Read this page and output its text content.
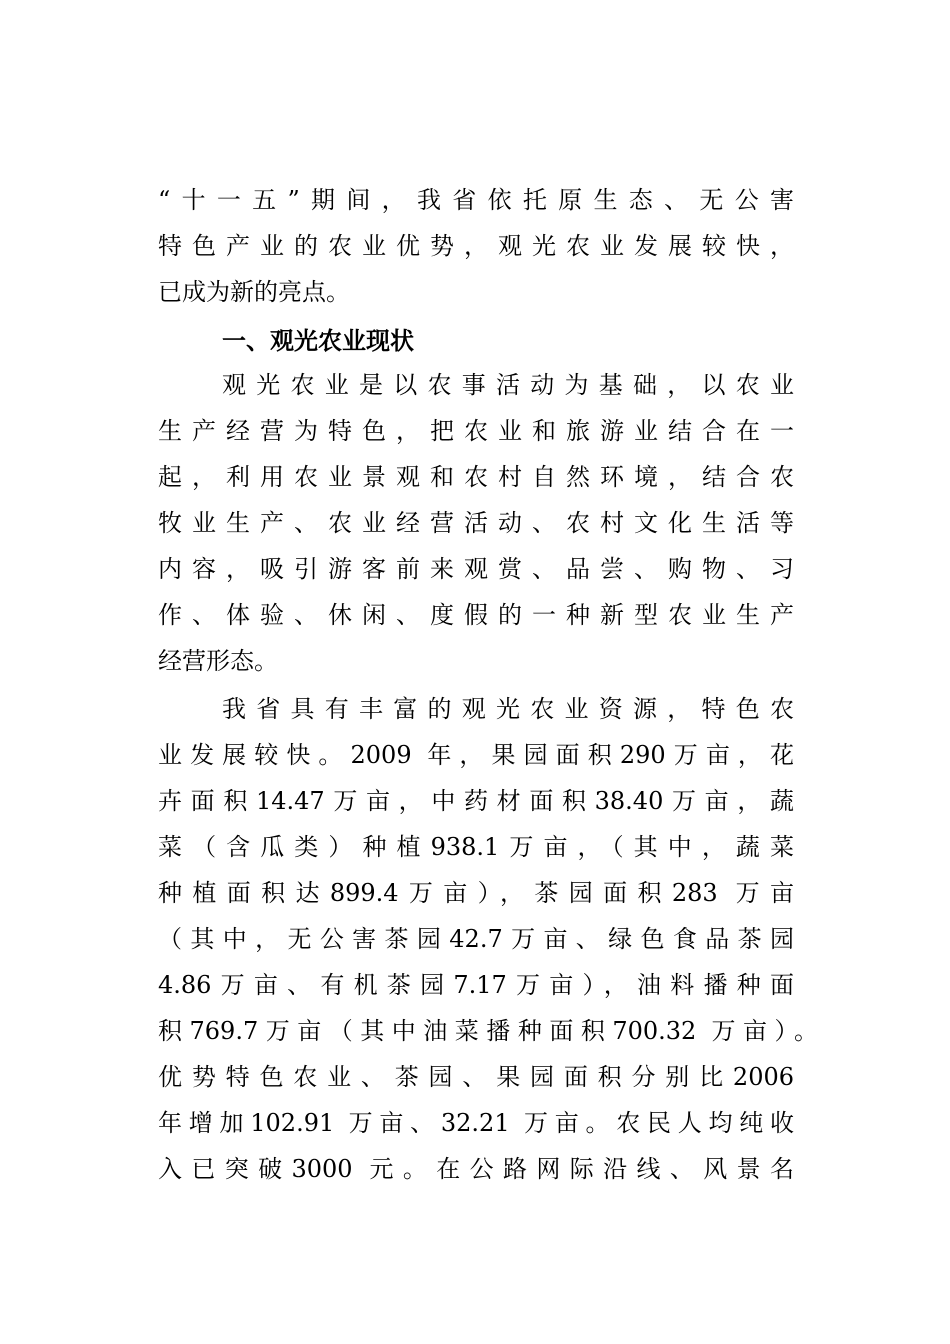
“十一五”期间，我省依托原生态、无公害
特色产业的农业优势，观光农业发展较快，
已成为新的亮点。
一、观光农业现状
观光农业是以农事活动为基础，以农业
生产经营为特色，把农业和旅游业结合在一
起，利用农业景观和农村自然环境，结合农
牧业生产、农业经营活动、农村文化生活等
内容，吸引游客前来观赏、品尝、购物、习
作、体验、休闲、度假的一种新型农业生产
经营形态。
我省具有丰富的观光农业资源，特色农
业发展较快。2009 年，果园面积290万亩，花
卉面积14.47万亩，中药材面积38.40万亩，蔬
菜（含瓜类）种植938.1万亩，（其中，蔬菜
种植面积达899.4万亩），茶园面积283 万亩
（其中，无公害茶园42.7万亩、绿色食品茶园
4.86万亩、有机茶园7.17万亩），油料播种面
积769.7万亩（其中油菜播种面积700.32 万亩）。
优势特色农业、茶园、果园面积分别比2006
年增加102.91 万亩、32.21 万亩。农民人均纯收
入已突破3000 元。在公路网际沿线、风景名
